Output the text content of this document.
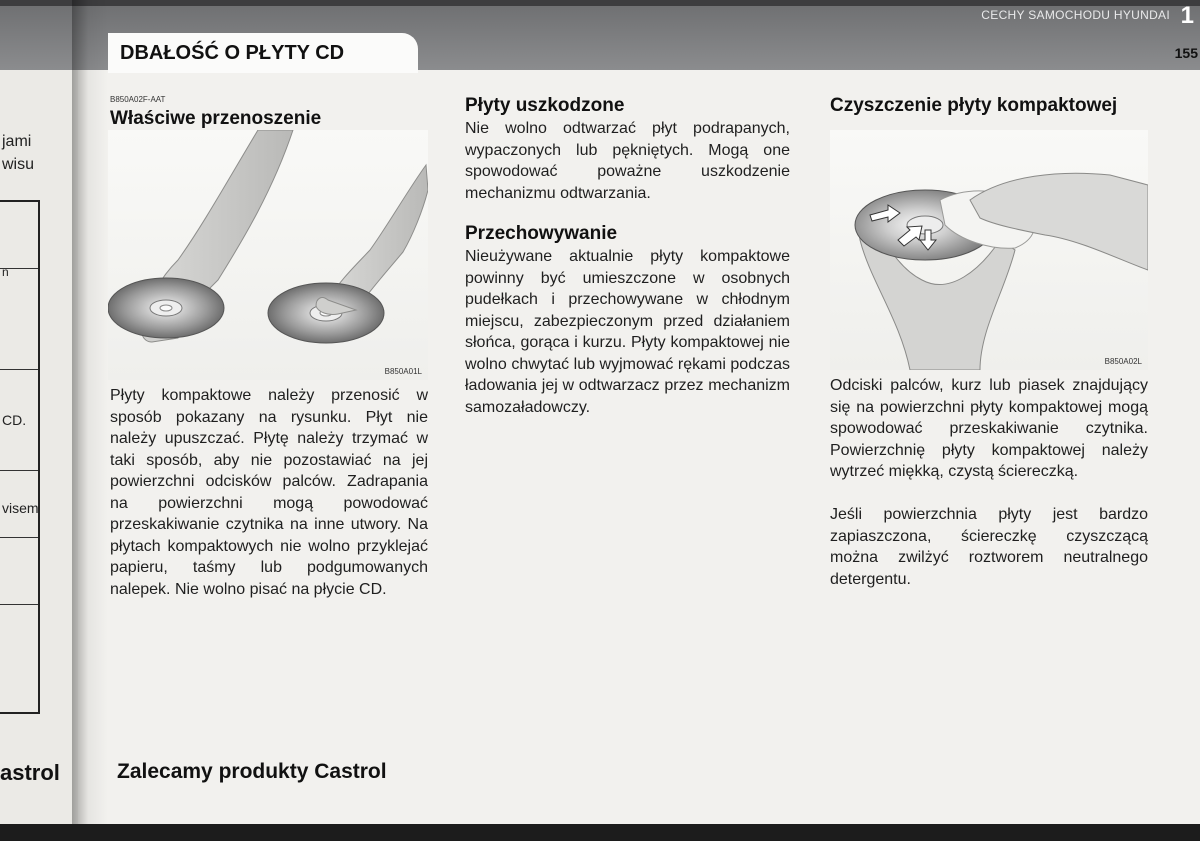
CECHY SAMOCHODU HYUNDAI 1
155
jami
wisu
n
CD.
visem
astrol
DBAŁOŚĆ O PŁYTY CD
B850A02F-AAT
Właściwe przenoszenie
B850A01L

Płyty kompaktowe należy przenosić w sposób pokazany na rysunku. Płyt nie należy upuszczać. Płytę należy trzymać w taki sposób, aby nie pozostawiać na jej powierzchni odcisków palców. Zadrapania na powierzchni mogą powodować przeskakiwanie czytnika na inne utwory. Na płytach kompaktowych nie wolno przyklejać papieru, taśmy lub podgumowanych nalepek. Nie wolno pisać na płycie CD.

Zalecamy produkty Castrol
Płyty uszkodzone

Nie wolno odtwarzać płyt podrapanych, wypaczonych lub pękniętych. Mogą one spowodować poważne uszkodzenie mechanizmu odtwarzania.

Przechowywanie

Nieużywane aktualnie płyty kompaktowe powinny być umieszczone w osobnych pudełkach i przechowywane w chłodnym miejscu, zabezpieczonym przed działaniem słońca, gorąca i kurzu. Płyty kompaktowej nie wolno chwytać lub wyjmować rękami podczas ładowania jej w odtwarzacz przez mechanizm samozaładowczy.

Czyszczenie płyty kompaktowej
B850A02L

Odciski palców, kurz lub piasek znajdujący się na powierzchni płyty kompaktowej mogą spowodować przeskakiwanie czytnika. Powierzchnię płyty kompaktowej należy wytrzeć miękką, czystą ściereczką.

Jeśli powierzchnia płyty jest bardzo zapiaszczona, ściereczkę czyszczącą można zwilżyć roztworem neutralnego detergentu.
